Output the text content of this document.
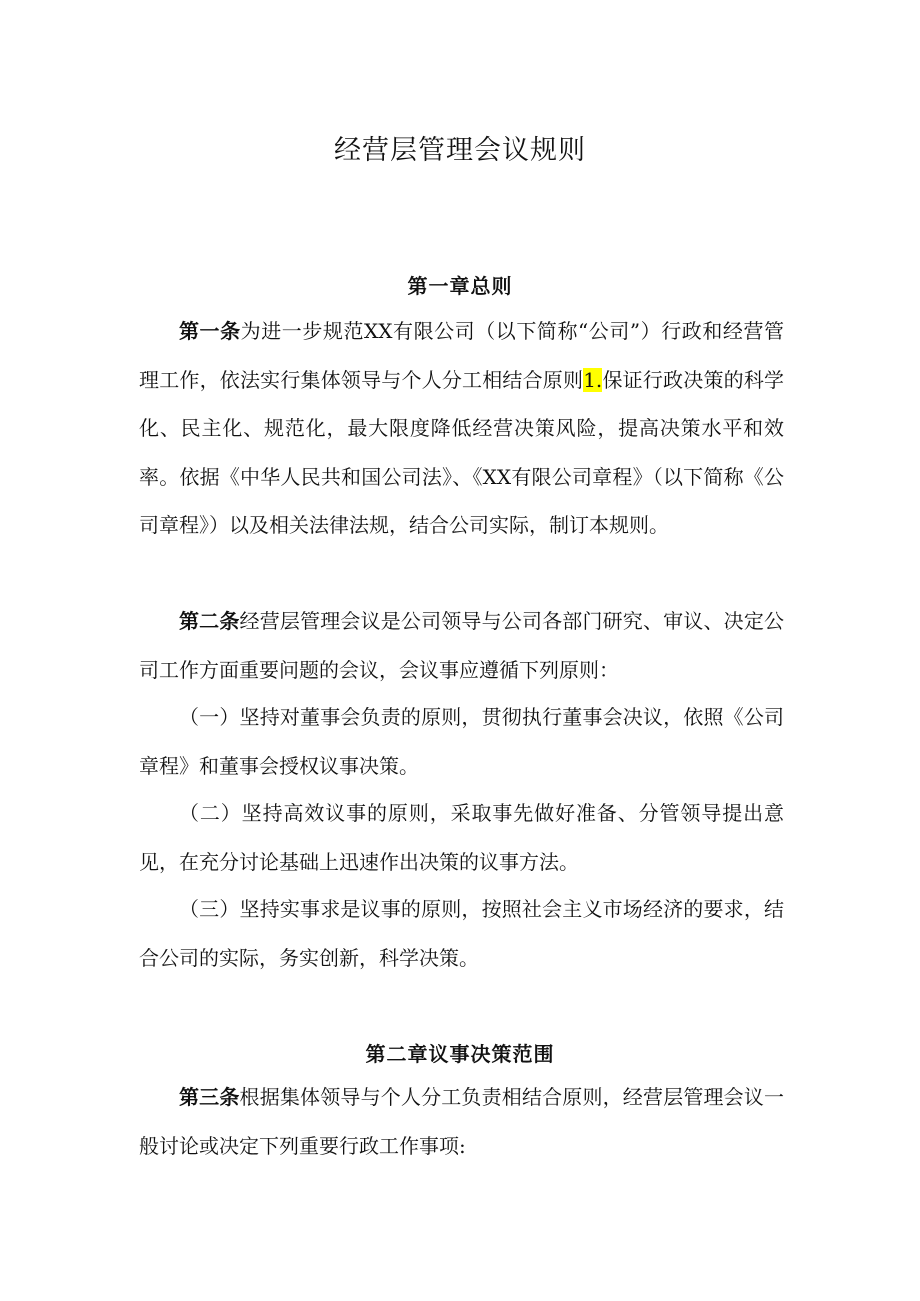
经营层管理会议规则
第一章总则

第一条为进一步规范XX有限公司（以下简称“公司”）行政和经营管理工作，依法实行集体领导与个人分工相结合原则1.保证行政决策的科学化、民主化、规范化，最大限度降低经营决策风险，提高决策水平和效率。依据《中华人民共和国公司法》、《XX有限公司章程》（以下简称《公司章程》）以及相关法律法规，结合公司实际，制订本规则。

第二条经营层管理会议是公司领导与公司各部门研究、审议、决定公司工作方面重要问题的会议，会议事应遵循下列原则：

（一）坚持对董事会负责的原则，贯彻执行董事会决议，依照《公司章程》和董事会授权议事决策。

（二）坚持高效议事的原则，采取事先做好准备、分管领导提出意见，在充分讨论基础上迅速作出决策的议事方法。

（三）坚持实事求是议事的原则，按照社会主义市场经济的要求，结合公司的实际，务实创新，科学决策。

第二章议事决策范围

第三条根据集体领导与个人分工负责相结合原则，经营层管理会议一般讨论或决定下列重要行政工作事项:
